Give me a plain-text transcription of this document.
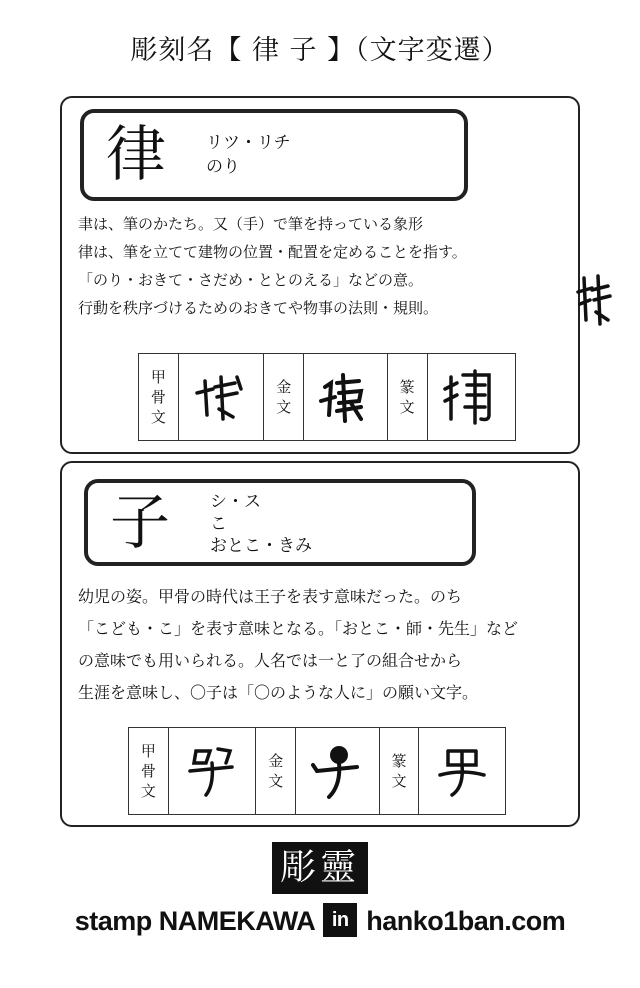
彫刻名【 律 子 】（文字変遷）
律 リツ・リチ
のり
聿は、筆のかたち。又（手）で筆を持っている象形
律は、筆を立てて建物の位置・配置を定めることを指す。
「のり・おきて・さだめ・ととのえる」などの意。
行動を秩序づけるためのおきてや物事の法則・規則。
甲
骨
文
金
文
篆
文
子 シ・ス
こ
おとこ・きみ
幼児の姿。甲骨の時代は王子を表す意味だった。のち
「こども・こ」を表す意味となる。「おとこ・師・先生」など
の意味でも用いられる。人名では一と了の組合せから
生涯を意味し、〇子は「〇のような人に」の願い文字。
甲
骨
文
金
文
篆
文
彫靈
stamp NAMEKAWA in hanko1ban.com
